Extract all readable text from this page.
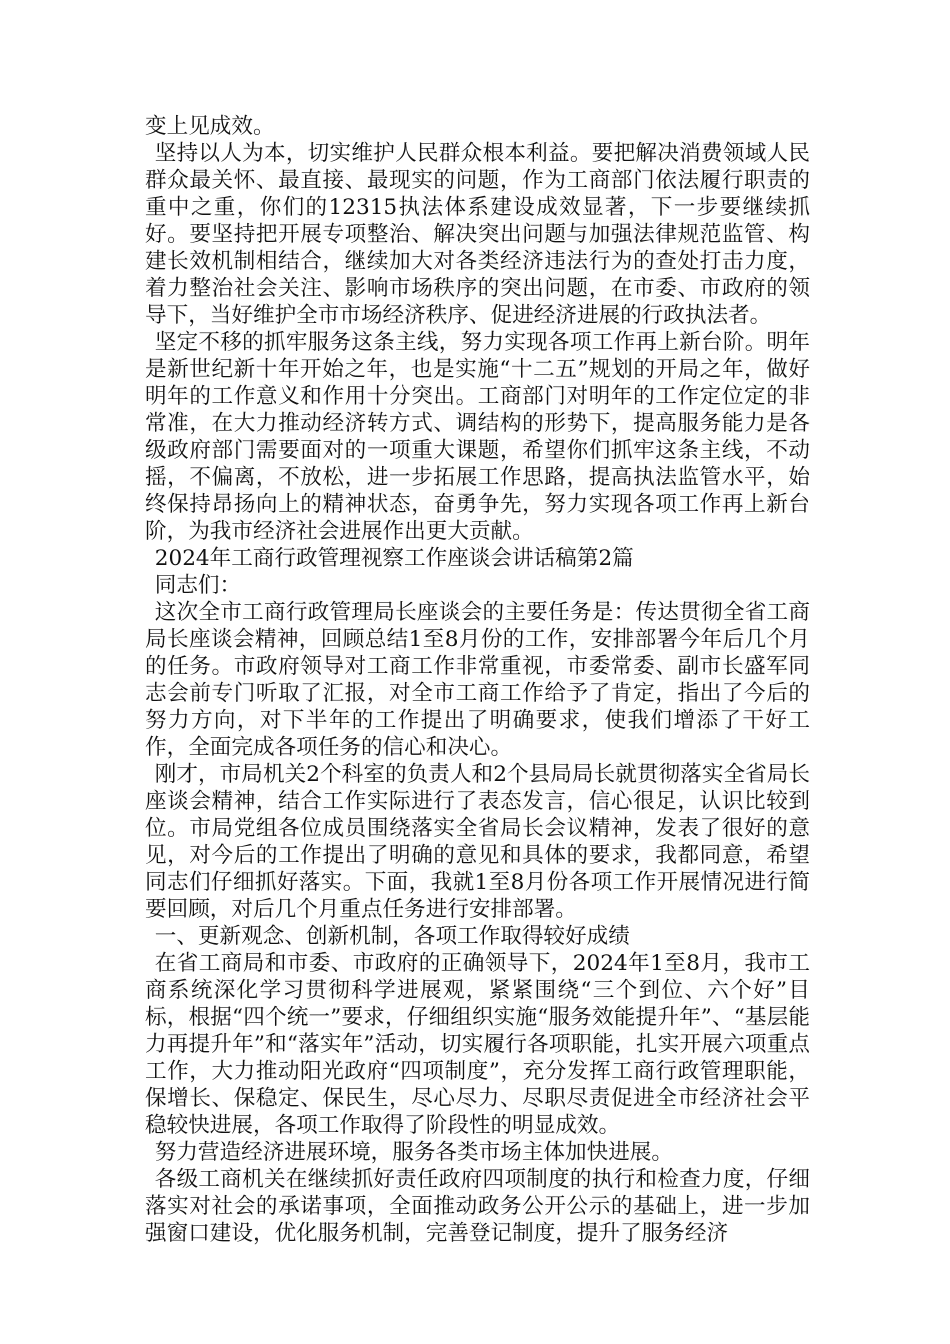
变上见成效。

坚持以人为本，切实维护人民群众根本利益。要把解决消费领域人民群众最关怀、最直接、最现实的问题，作为工商部门依法履行职责的重中之重，你们的12315执法体系建设成效显著，下一步要继续抓好。要坚持把开展专项整治、解决突出问题与加强法律规范监管、构建长效机制相结合，继续加大对各类经济违法行为的查处打击力度，着力整治社会关注、影响市场秩序的突出问题，在市委、市政府的领导下，当好维护全市市场经济秩序、促进经济进展的行政执法者。

坚定不移的抓牢服务这条主线，努力实现各项工作再上新台阶。明年是新世纪新十年开始之年，也是实施“十二五”规划的开局之年，做好明年的工作意义和作用十分突出。工商部门对明年的工作定位定的非常准，在大力推动经济转方式、调结构的形势下，提高服务能力是各级政府部门需要面对的一项重大课题，希望你们抓牢这条主线，不动摇，不偏离，不放松，进一步拓展工作思路，提高执法监管水平，始终保持昂扬向上的精神状态，奋勇争先，努力实现各项工作再上新台阶，为我市经济社会进展作出更大贡献。

2024年工商行政管理视察工作座谈会讲话稿第2篇

同志们：

这次全市工商行政管理局长座谈会的主要任务是：传达贯彻全省工商局长座谈会精神，回顾总结1至8月份的工作，安排部署今年后几个月的任务。市政府领导对工商工作非常重视，市委常委、副市长盛军同志会前专门听取了汇报，对全市工商工作给予了肯定，指出了今后的努力方向，对下半年的工作提出了明确要求，使我们增添了干好工作，全面完成各项任务的信心和决心。

刚才，市局机关2个科室的负责人和2个县局局长就贯彻落实全省局长座谈会精神，结合工作实际进行了表态发言，信心很足，认识比较到位。市局党组各位成员围绕落实全省局长会议精神，发表了很好的意见，对今后的工作提出了明确的意见和具体的要求，我都同意，希望同志们仔细抓好落实。下面，我就1至8月份各项工作开展情况进行简要回顾，对后几个月重点任务进行安排部署。

一、更新观念、创新机制，各项工作取得较好成绩

在省工商局和市委、市政府的正确领导下，2024年1至8月，我市工商系统深化学习贯彻科学进展观，紧紧围绕“三个到位、六个好”目标，根据“四个统一”要求，仔细组织实施“服务效能提升年”、“基层能力再提升年”和“落实年”活动，切实履行各项职能，扎实开展六项重点工作，大力推动阳光政府“四项制度”，充分发挥工商行政管理职能，保增长、保稳定、保民生，尽心尽力、尽职尽责促进全市经济社会平稳较快进展，各项工作取得了阶段性的明显成效。

努力营造经济进展环境，服务各类市场主体加快进展。

各级工商机关在继续抓好责任政府四项制度的执行和检查力度，仔细落实对社会的承诺事项，全面推动政务公开公示的基础上，进一步加强窗口建设，优化服务机制，完善登记制度，提升了服务经济
